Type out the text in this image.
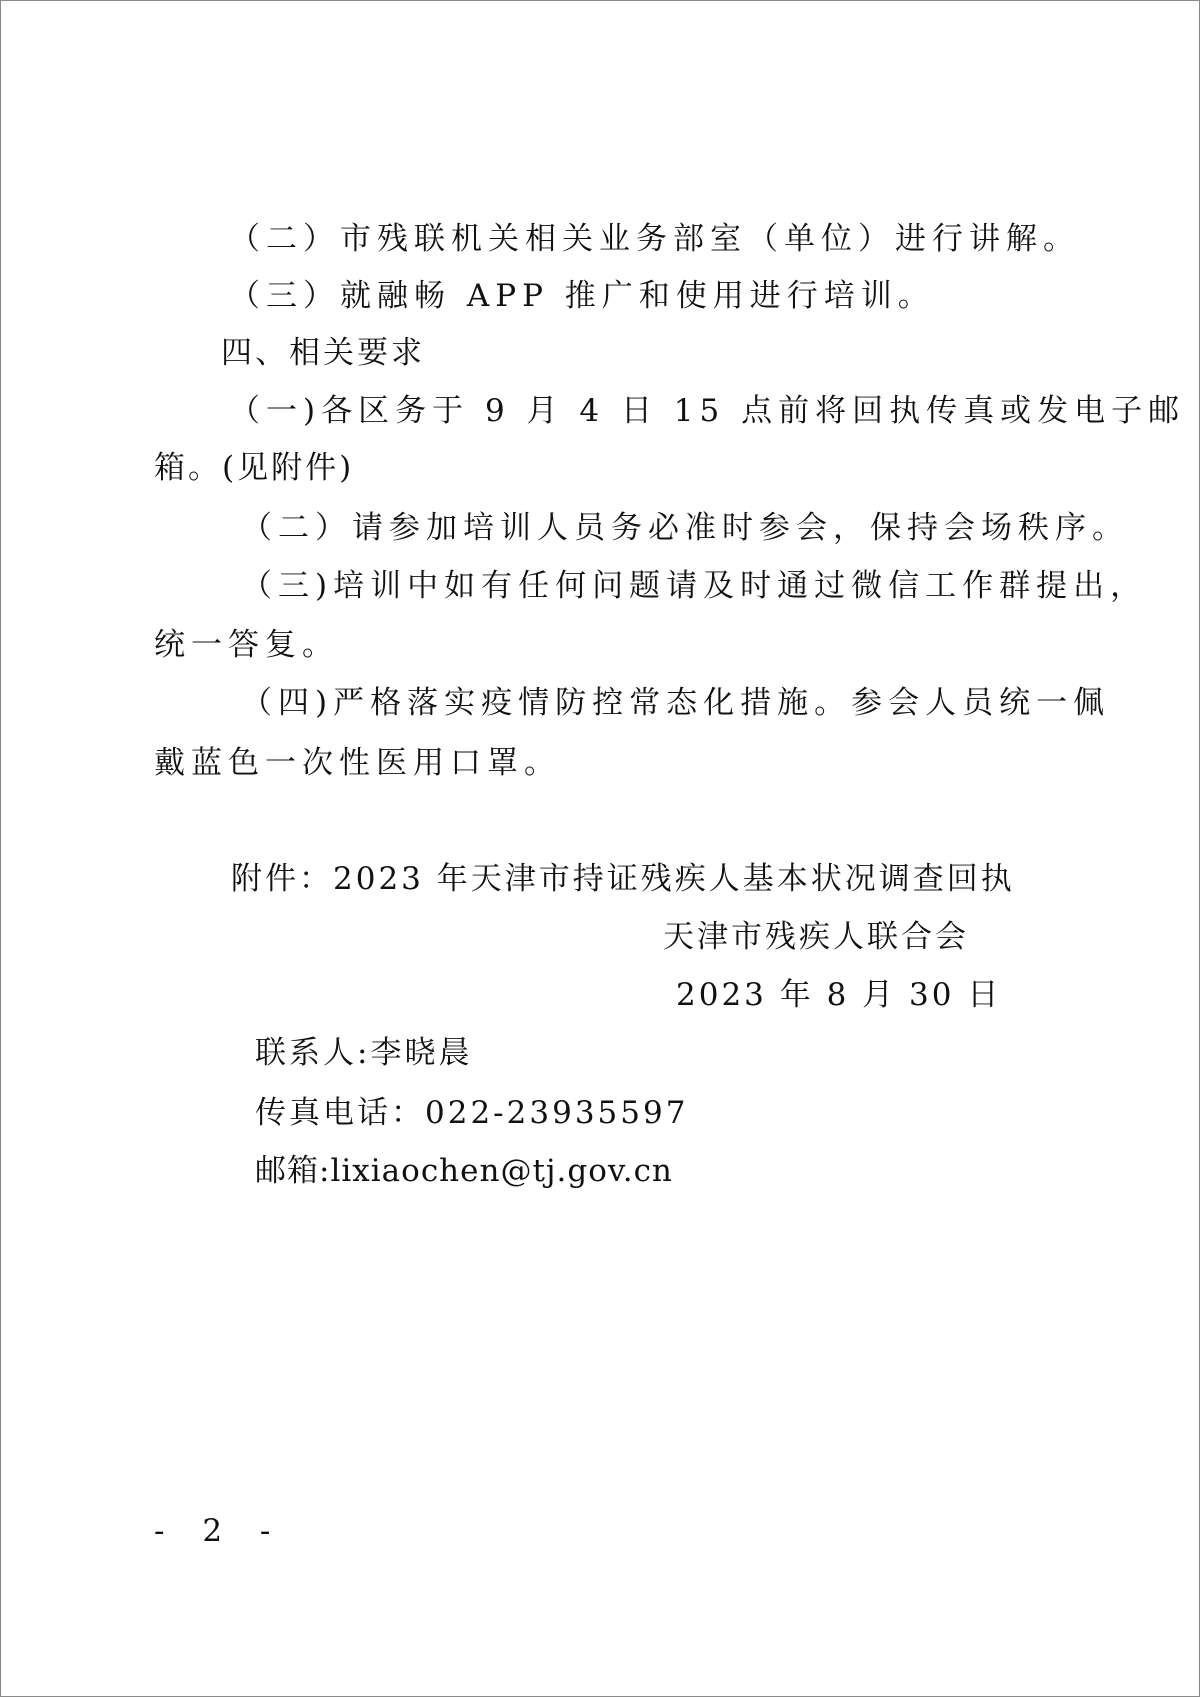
（二）市残联机关相关业务部室（单位）进行讲解。
（三）就融畅 APP 推广和使用进行培训。
四、相关要求
（一)各区务于 9 月 4 日 15 点前将回执传真或发电子邮
箱。(见附件)
（二）请参加培训人员务必准时参会，保持会场秩序。
（三)培训中如有任何问题请及时通过微信工作群提出，
统一答复。
（四)严格落实疫情防控常态化措施。参会人员统一佩
戴蓝色一次性医用口罩。
附件：2023 年天津市持证残疾人基本状况调查回执
天津市残疾人联合会
2023 年 8 月 30 日
联系人:李晓晨
传真电话：022-23935597
邮箱:lixiaochen@tj.gov.cn
- 2 -
